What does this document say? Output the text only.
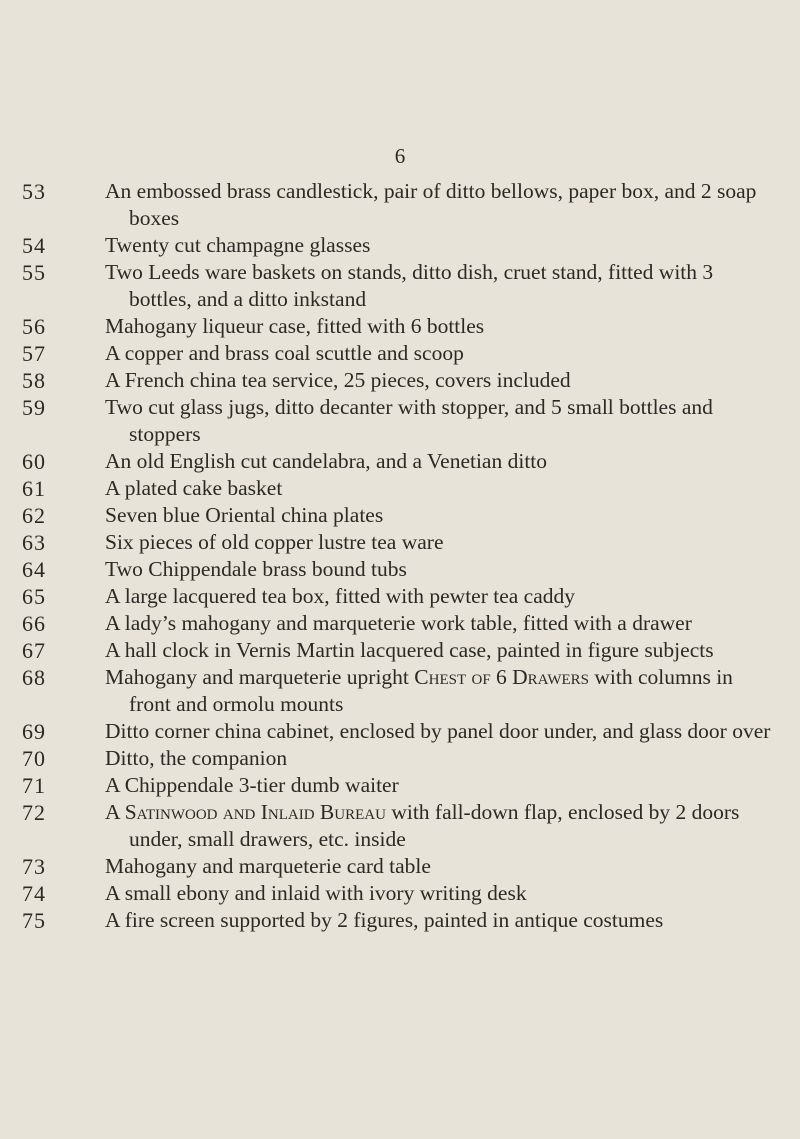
6
53	An embossed brass candlestick, pair of ditto bellows, paper box, and 2 soap boxes
54	Twenty cut champagne glasses
55	Two Leeds ware baskets on stands, ditto dish, cruet stand, fitted with 3 bottles, and a ditto inkstand
56	Mahogany liqueur case, fitted with 6 bottles
57	A copper and brass coal scuttle and scoop
58	A French china tea service, 25 pieces, covers included
59	Two cut glass jugs, ditto decanter with stopper, and 5 small bottles and stoppers
60	An old English cut candelabra, and a Venetian ditto
61	A plated cake basket
62	Seven blue Oriental china plates
63	Six pieces of old copper lustre tea ware
64	Two Chippendale brass bound tubs
65	A large lacquered tea box, fitted with pewter tea caddy
66	A lady’s mahogany and marqueterie work table, fitted with a drawer
67	A hall clock in Vernis Martin lacquered case, painted in figure subjects
68	Mahogany and marqueterie upright Chest of 6 Drawers with columns in front and ormolu mounts
69	Ditto corner china cabinet, enclosed by panel door under, and glass door over
70	Ditto, the companion
71	A Chippendale 3-tier dumb waiter
72	A Satinwood and Inlaid Bureau with fall-down flap, enclosed by 2 doors under, small drawers, etc. inside
73	Mahogany and marqueterie card table
74	A small ebony and inlaid with ivory writing desk
75	A fire screen supported by 2 figures, painted in antique costumes
